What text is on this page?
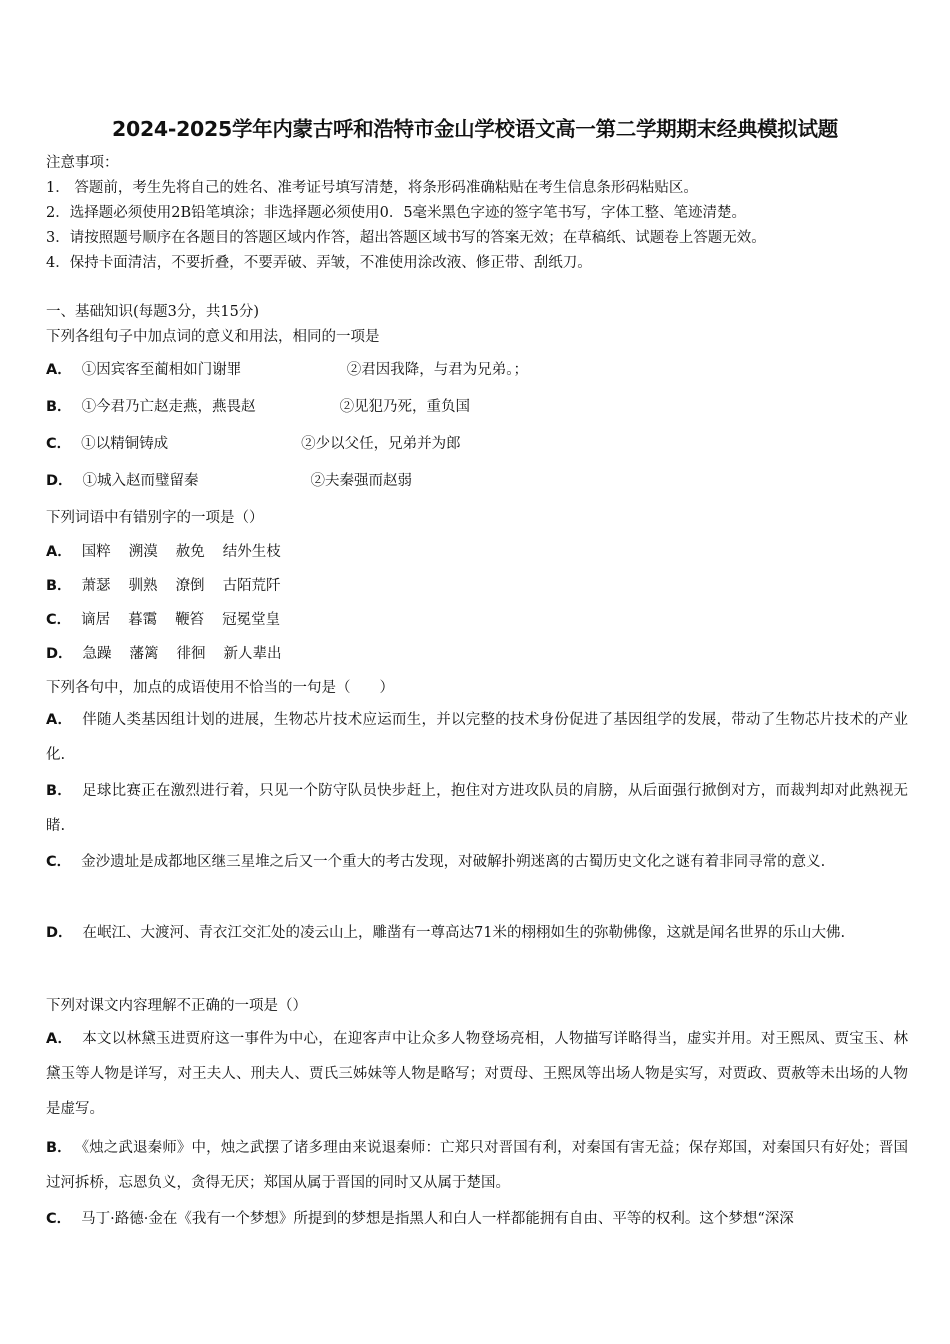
2024-2025学年内蒙古呼和浩特市金山学校语文高一第二学期期末经典模拟试题
注意事项：
1． 答题前，考生先将自己的姓名、准考证号填写清楚，将条形码准确粘贴在考生信息条形码粘贴区。
2．选择题必须使用2B铅笔填涂；非选择题必须使用0．5毫米黑色字迹的签字笔书写，字体工整、笔迹清楚。
3．请按照题号顺序在各题目的答题区域内作答，超出答题区域书写的答案无效；在草稿纸、试题卷上答题无效。
4．保持卡面清洁，不要折叠，不要弄破、弄皱，不准使用涂改液、修正带、刮纸刀。
一、基础知识(每题3分，共15分)
下列各组句子中加点词的意义和用法，相同的一项是
A． ①因宾客至蔺相如门谢罪	②君因我降，与君为兄弟。；
B． ①今君乃亡赵走燕，燕畏赵	②见犯乃死，重负国
C． ①以精铜铸成	②少以父任，兄弟并为郎
D． ①城入赵而璧留秦	②夫秦强而赵弱
下列词语中有错别字的一项是（）
A． 国粹 溯漠 赦免 结外生枝
B． 萧瑟 驯熟 潦倒 古陌荒阡
C． 谪居 暮霭 鞭笞 冠冕堂皇
D． 急躁 藩篱 徘徊 新人辈出
下列各句中，加点的成语使用不恰当的一句是（　　）
A． 伴随人类基因组计划的进展，生物芯片技术应运而生，并以完整的技术身份促进了基因组学的发展，带动了生物芯片技术的产业化.
B． 足球比赛正在激烈进行着，只见一个防守队员快步赶上，抱住对方进攻队员的肩膀，从后面强行掀倒对方，而裁判却对此熟视无睹.
C． 金沙遗址是成都地区继三星堆之后又一个重大的考古发现，对破解扑朔迷离的古蜀历史文化之谜有着非同寻常的意义.
D． 在岷江、大渡河、青衣江交汇处的凌云山上，雕凿有一尊高达71米的栩栩如生的弥勒佛像，这就是闻名世界的乐山大佛.
下列对课文内容理解不正确的一项是（）
A． 本文以林黛玉进贾府这一事件为中心，在迎客声中让众多人物登场亮相，人物描写详略得当，虚实并用。对王熙凤、贾宝玉、林黛玉等人物是详写，对王夫人、刑夫人、贾氏三姊妹等人物是略写；对贾母、王熙凤等出场人物是实写，对贾政、贾赦等未出场的人物是虚写。
B． 《烛之武退秦师》中，烛之武摆了诸多理由来说退秦师：亡郑只对晋国有利，对秦国有害无益；保存郑国，对秦国只有好处；晋国过河拆桥，忘恩负义，贪得无厌；郑国从属于晋国的同时又从属于楚国。
C． 马丁·路德·金在《我有一个梦想》所提到的梦想是指黑人和白人一样都能拥有自由、平等的权利。这个梦想“深深
